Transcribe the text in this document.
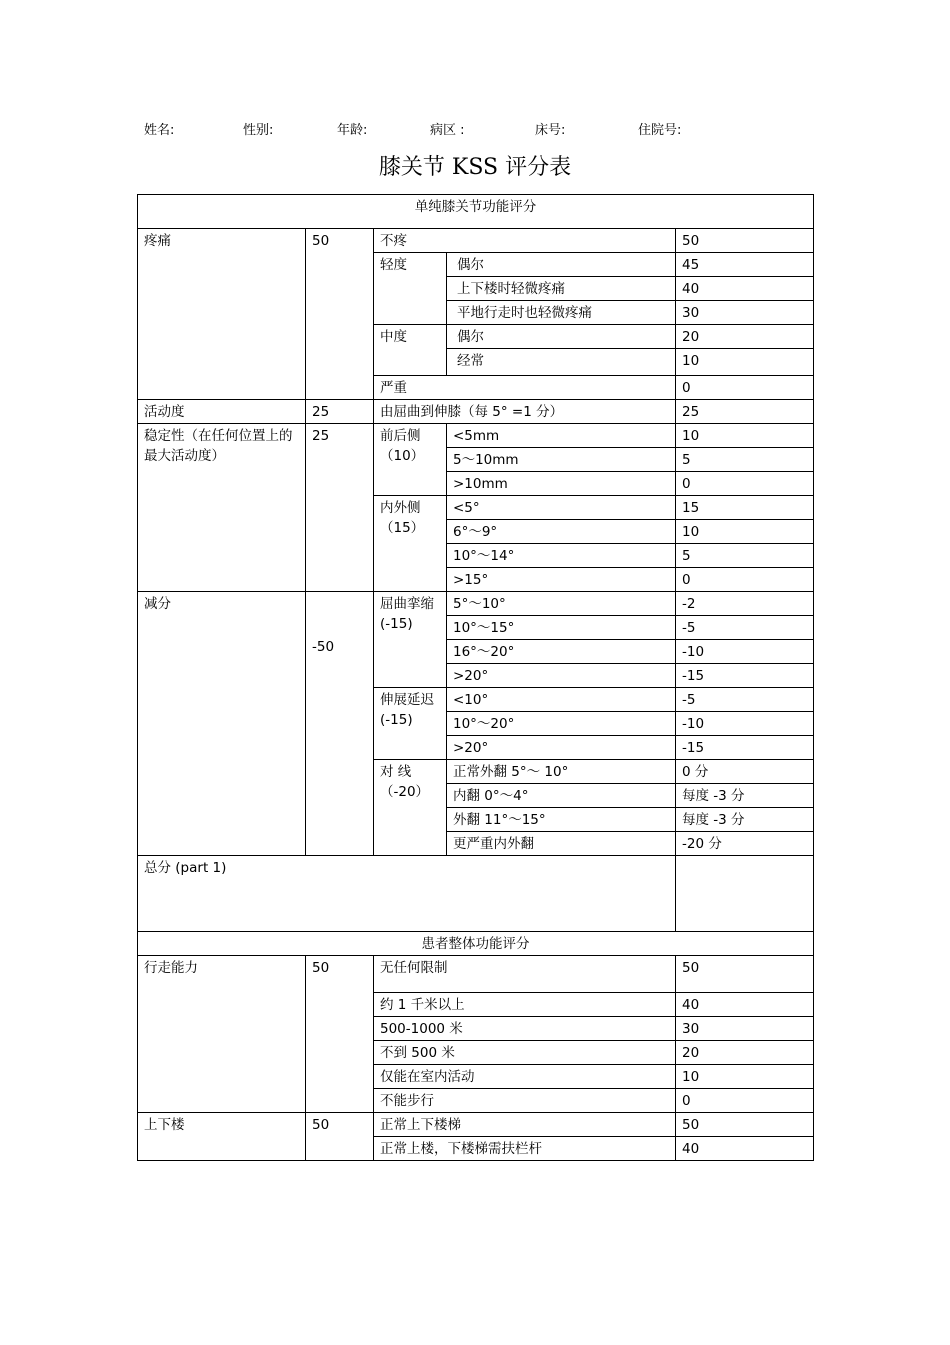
姓名:	性别:	年龄:	病区 :	床号:	住院号:
膝关节 KSS 评分表
单纯膝关节功能评分				
疼痛	50	不疼		50
		轻度	偶尔	45
			上下楼时轻微疼痛	40
			平地行走时也轻微疼痛	30
		中度	偶尔	20
			经常	10
		严重		0
活动度	25	由屈曲到伸膝（每 5° =1 分）		25
稳定性（在任何位置上的最大活动度）	25	前后侧（10）	<5mm	10
			5～10mm	5
			>10mm	0
		内外侧（15）	<5°	15
			6°～9°	10
			10°～14°	5
			>15°	0
减分	-50	屈曲挛缩(-15)	5°～10°	-2
			10°～15°	-5
			16°～20°	-10
			>20°	-15
		伸展延迟(-15)	<10°	-5
			10°～20°	-10
			>20°	-15
		对 线（-20）	正常外翻 5°～ 10°	0 分
			内翻 0°～4°	每度 -3 分
			外翻 11°～15°	每度 -3 分
			更严重内外翻	-20 分
总分 (part 1)				
患者整体功能评分				
行走能力	50	无任何限制		50
		约 1 千米以上		40
		500-1000 米		30
		不到 500 米		20
		仅能在室内活动		10
		不能步行		0
上下楼	50	正常上下楼梯		50
		正常上楼，下楼梯需扶栏杆		40
